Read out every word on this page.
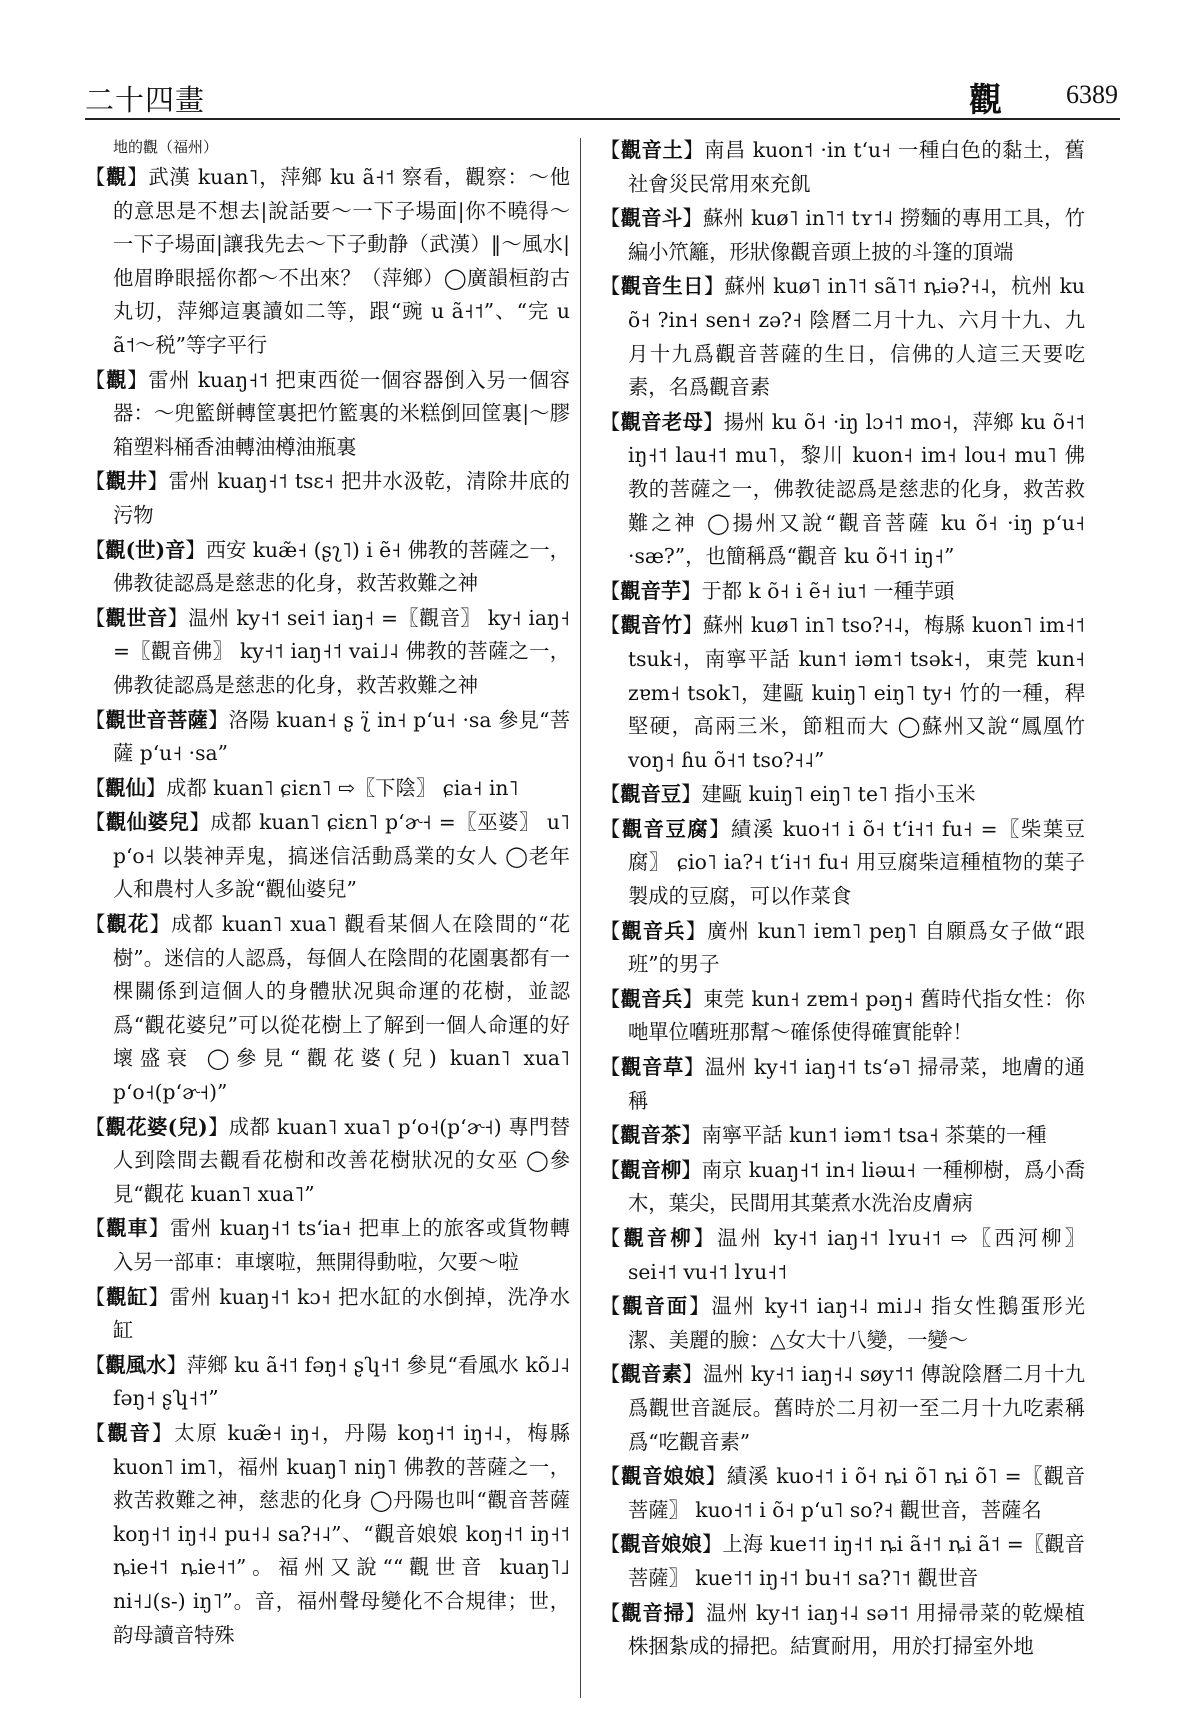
二十四畫	觀 6389

地的觀（福州）

【觀】武漢 kuan˥，萍鄉 ku ã˧˦ 察看，觀察：～他的意思是不想去|說話要～一下子場面|你不曉得～一下子場面|讓我先去～下子動静（武漢）‖～風水|他眉睁眼摇你都～不出來？（萍鄉）◯廣韻桓韵古丸切，萍鄉這裏讀如二等，跟“豌 u ã˧˦”、“完 u ã˦～税”等字平行

【觀】雷州 kuaŋ˧˦ 把東西從一個容器倒入另一個容器：～兜籃餅轉筐裏把竹籃裏的米糕倒回筐裏|～膠箱塑料桶香油轉油樽油瓶裏

【觀井】雷州 kuaŋ˧˦ tsɛ˧ 把井水汲乾，清除井底的污物

【觀(世)音】西安 kuæ̃˧ (ʂʅ˥) i ẽ˧ 佛教的菩薩之一，佛教徒認爲是慈悲的化身，救苦救難之神

【觀世音】温州 ky˧˦ sei˦ iaŋ˧ =〖觀音〗 ky˧ iaŋ˧ =〖觀音佛〗 ky˧˦ iaŋ˧˦ vai˩˨ 佛教的菩薩之一，佛教徒認爲是慈悲的化身，救苦救難之神

【觀世音菩薩】洛陽 kuan˧ ʂ ʅ̈ in˧ pʻu˧ ·sa 參見“菩薩 pʻu˧ ·sa”

【觀仙】成都 kuan˥ ɕiɛn˥ ⇨〖下陰〗 ɕia˧ in˥

【觀仙婆兒】成都 kuan˥ ɕiɛn˥ pʻɚ˧ =〖巫婆〗 u˥ pʻo˧ 以裝神弄鬼，搞迷信活動爲業的女人 ◯老年人和農村人多說“觀仙婆兒”

【觀花】成都 kuan˥ xua˥ 觀看某個人在陰間的“花樹”。迷信的人認爲，每個人在陰間的花園裏都有一棵關係到這個人的身體狀况與命運的花樹，並認爲“觀花婆兒”可以從花樹上了解到一個人命運的好壞盛衰 ◯參見“觀花婆(兒) kuan˥ xua˥ pʻo˧(pʻɚ˧)”

【觀花婆(兒)】成都 kuan˥ xua˥ pʻo˧(pʻɚ˧) 專門替人到陰間去觀看花樹和改善花樹狀况的女巫 ◯參見“觀花 kuan˥ xua˥”

【觀車】雷州 kuaŋ˧˦ tsʻia˧ 把車上的旅客或貨物轉入另一部車：車壞啦，無開得動啦，欠要～啦

【觀缸】雷州 kuaŋ˧˦ kɔ˧ 把水缸的水倒掉，洗净水缸

【觀風水】萍鄉 ku ã˧˦ fəŋ˧ ʂʮ˧˦ 參見“看風水 kõ˩˨ fəŋ˧ ʂʮ˧˦”

【觀音】太原 kuæ̃˧ iŋ˧，丹陽 koŋ˧˦ iŋ˧˨，梅縣 kuon˥ im˥，福州 kuaŋ˥ niŋ˥ 佛教的菩薩之一，救苦救難之神，慈悲的化身 ◯丹陽也叫“觀音菩薩 koŋ˧˦ iŋ˧˨ pu˧˨ sa?˧˨”、“觀音娘娘 koŋ˧˦ iŋ˧˦ ȵie˧˦ ȵie˧˦”。福州又說““觀世音 kuaŋ˥˩ ni˧˩(s-) iŋ˥”。音，福州聲母變化不合規律；世，韵母讀音特殊

【觀音土】南昌 kuon˦ ·in tʻu˧ 一種白色的黏土，舊社會災民常用來充飢

【觀音斗】蘇州 kuø˥ in˥˦ tʏ˦˨ 撈麵的專用工具，竹編小笊籬，形狀像觀音頭上披的斗篷的頂端

【觀音生日】蘇州 kuø˥ in˥˦ sã˥˦ ȵiə?˧˨，杭州 ku õ˧ ?in˧ sen˧ zə?˧ 陰曆二月十九、六月十九、九月十九爲觀音菩薩的生日，信佛的人這三天要吃素，名爲觀音素

【觀音老母】揚州 ku õ˧ ·iŋ lɔ˧˦ mo˧，萍鄉 ku õ˧˦ iŋ˧˦ lau˧˦ mu˥，黎川 kuon˧ im˧ lou˧ mu˥ 佛教的菩薩之一，佛教徒認爲是慈悲的化身，救苦救難之神 ◯揚州又說“觀音菩薩 ku õ˧ ·iŋ pʻu˧ ·sæ?”，也簡稱爲“觀音 ku õ˧˦ iŋ˧”

【觀音芋】于都 k õ˧ i ẽ˧ iu˦ 一種芋頭

【觀音竹】蘇州 kuø˥ in˥ tso?˧˨，梅縣 kuon˥ im˧˦ tsuk˧，南寧平話 kun˦ iəm˦ tsək˧，東莞 kun˧ zɐm˧ tsok˥，建甌 kuiŋ˥ eiŋ˥ ty˧ 竹的一種，稈堅硬，高兩三米，節粗而大 ◯蘇州又說“鳳凰竹 voŋ˧ ɦu õ˧˦ tso?˧˨”

【觀音豆】建甌 kuiŋ˥ eiŋ˥ te˥ 指小玉米

【觀音豆腐】績溪 kuo˧˦ i õ˧ tʻi˧˦ fu˧ =〖柴葉豆腐〗 ɕio˥ ia?˧ tʻi˧˦ fu˧ 用豆腐柴這種植物的葉子製成的豆腐，可以作菜食

【觀音兵】廣州 kun˥ iɐm˥ peŋ˥ 自願爲女子做“跟班”的男子

【觀音兵】東莞 kun˧ zɐm˧ pəŋ˧ 舊時代指女性：你哋單位嚿班那幫～確係使得確實能幹！

【觀音草】温州 ky˧˦ iaŋ˧˦ tsʻə˥ 掃帚菜，地膚的通稱

【觀音茶】南寧平話 kun˦ iəm˦ tsa˧ 茶葉的一種

【觀音柳】南京 kuaŋ˧˦ in˧ liəɯ˧ 一種柳樹，爲小喬木，葉尖，民間用其葉煮水洗治皮膚病

【觀音柳】温州 ky˧˦ iaŋ˧˦ lʏu˧˦ ⇨〖西河柳〗 sei˧˦ vu˧˦ lʏu˧˦

【觀音面】温州 ky˧˦ iaŋ˧˨ mi˩˨ 指女性鵝蛋形光潔、美麗的臉：△女大十八變，一變～

【觀音素】温州 ky˧˦ iaŋ˧˨ søy˦˦ 傳說陰曆二月十九爲觀世音誕辰。舊時於二月初一至二月十九吃素稱爲“吃觀音素”

【觀音娘娘】績溪 kuo˧˦ i õ˧ ȵi õ˥ ȵi õ˥ =〖觀音菩薩〗 kuo˧˦ i õ˧ pʻu˥ so?˧ 觀世音，菩薩名

【觀音娘娘】上海 kue˦˦ iŋ˧˦ ȵi ã˧˦ ȵi ã˦ =〖觀音菩薩〗 kue˦˦ iŋ˧˦ bu˧˦ sa?˥˦ 觀世音

【觀音掃】温州 ky˧˦ iaŋ˧˨ sə˦˦ 用掃帚菜的乾燥植株捆紮成的掃把。結實耐用，用於打掃室外地
